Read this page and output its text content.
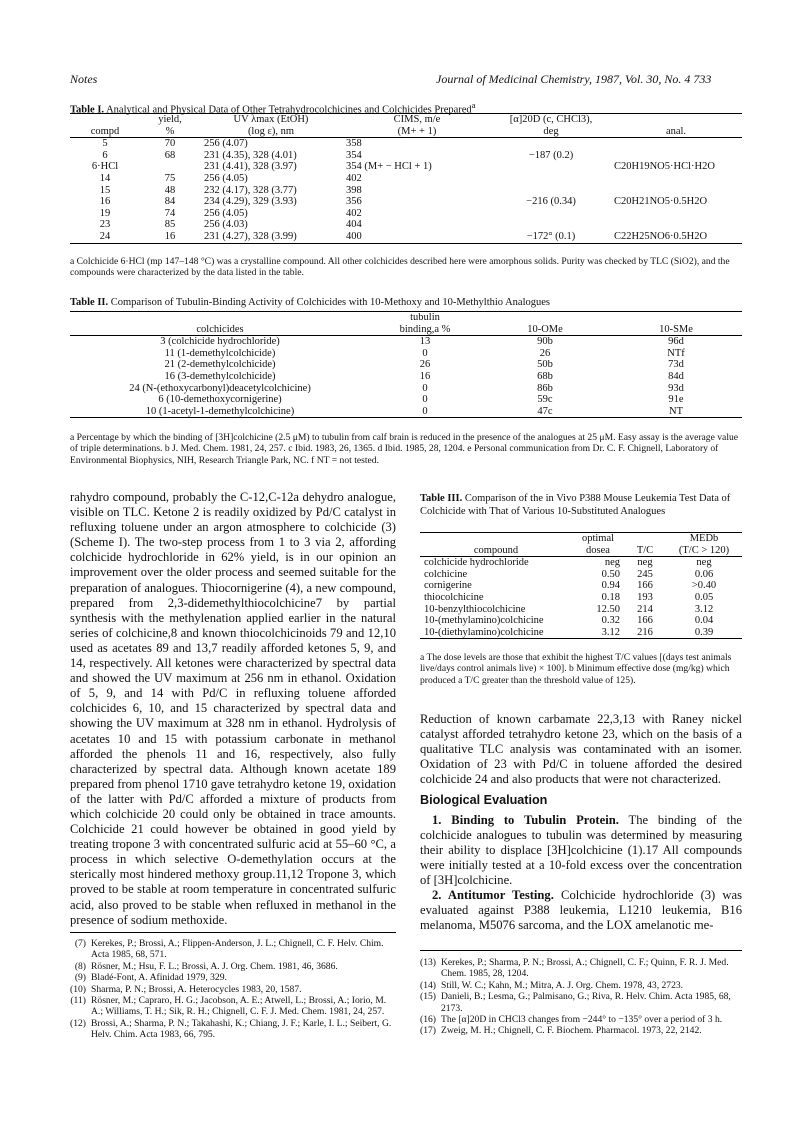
Notes	Journal of Medicinal Chemistry, 1987, Vol. 30, No. 4 733
Table I. Analytical and Physical Data of Other Tetrahydrocolchicines and Colchicides Prepared$^a$
	yield,	UV λmax (EtOH)	CIMS, m/e	[α]20D (c, CHCl3),	
compd	%	(log ε), nm	(M+ + 1)	deg	anal.
5	70	256 (4.07)	358		
6	68	231 (4.35), 328 (4.01)	354	−187 (0.2)	
6·HCl		231 (4.41), 328 (3.97)	354 (M+ − HCl + 1)		C20H19NO5·HCl·H2O
14	75	256 (4.05)	402		
15	48	232 (4.17), 328 (3.77)	398		
16	84	234 (4.29), 329 (3.93)	356	−216 (0.34)	C20H21NO5·0.5H2O
19	74	256 (4.05)	402		
23	85	256 (4.03)	404		
24	16	231 (4.27), 328 (3.99)	400	−172° (0.1)	C22H25NO6·0.5H2O
a Colchicide 6·HCl (mp 147–148 °C) was a crystalline compound. All other colchicides described here were amorphous solids. Purity was checked by TLC (SiO2), and the compounds were characterized by the data listed in the table.
Table II. Comparison of Tubulin-Binding Activity of Colchicides with 10-Methoxy and 10-Methylthio Analogues
	tubulin		
colchicides	binding,a %	10-OMe	10-SMe
3 (colchicide hydrochloride)	13	90b	96d
11 (1-demethylcolchicide)	0	26	NTf
21 (2-demethylcolchicide)	26	50b	73d
16 (3-demethylcolchicide)	16	68b	84d
24 (N-(ethoxycarbonyl)deacetylcolchicine)	0	86b	93d
6 (10-demethoxycornigerine)	0	59c	91e
10 (1-acetyl-1-demethylcolchicine)	0	47c	NT
a Percentage by which the binding of [3H]colchicine (2.5 μM) to tubulin from calf brain is reduced in the presence of the analogues at 25 μM. Easy assay is the average value of triple determinations. b J. Med. Chem. 1981, 24, 257. c Ibid. 1983, 26, 1365. d Ibid. 1985, 28, 1204. e Personal communication from Dr. C. F. Chignell, Laboratory of Environmental Biophysics, NIH, Research Triangle Park, NC. f NT = not tested.
rahydro compound, probably the C-12,C-12a dehydro analogue, visible on TLC. Ketone 2 is readily oxidized by Pd/C catalyst in refluxing toluene under an argon atmosphere to colchicide (3) (Scheme I). The two-step process from 1 to 3 via 2, affording colchicide hydrochloride in 62% yield, is in our opinion an improvement over the older process and seemed suitable for the preparation of analogues. Thiocornigerine (4), a new compound, prepared from 2,3-didemethylthiocolchicine7 by partial synthesis with the methylenation applied earlier in the natural series of colchicine,8 and known thiocolchicinoids 79 and 12,10 used as acetates 89 and 13,7 readily afforded ketones 5, 9, and 14, respectively. All ketones were characterized by spectral data and showed the UV maximum at 256 nm in ethanol. Oxidation of 5, 9, and 14 with Pd/C in refluxing toluene afforded colchicides 6, 10, and 15 characterized by spectral data and showing the UV maximum at 328 nm in ethanol. Hydrolysis of acetates 10 and 15 with potassium carbonate in methanol afforded the phenols 11 and 16, respectively, also fully characterized by spectral data. Although known acetate 189 prepared from phenol 1710 gave tetrahydro ketone 19, oxidation of the latter with Pd/C afforded a mixture of products from which colchicide 20 could only be obtained in trace amounts. Colchicide 21 could however be obtained in good yield by treating tropone 3 with concentrated sulfuric acid at 55–60 °C, a process in which selective O-demethylation occurs at the sterically most hindered methoxy group.11,12 Tropone 3, which proved to be stable at room temperature in concentrated sulfuric acid, also proved to be stable when refluxed in methanol in the presence of sodium methoxide.
Table III. Comparison of the in Vivo P388 Mouse Leukemia Test Data of Colchicide with That of Various 10-Substituted Analogues
	optimal		MEDb
compound	dosea	T/C	(T/C > 120)
colchicide hydrochloride	neg	neg	neg
colchicine	0.50	245	0.06
cornigerine	0.94	166	>0.40
thiocolchicine	0.18	193	0.05
10-benzylthiocolchicine	12.50	214	3.12
10-(methylamino)colchicine	0.32	166	0.04
10-(diethylamino)colchicine	3.12	216	0.39
a The dose levels are those that exhibit the highest T/C values [(days test animals live/days control animals live) × 100]. b Minimum effective dose (mg/kg) which produced a T/C greater than the threshold value of 125).
Reduction of known carbamate 22,3,13 with Raney nickel catalyst afforded tetrahydro ketone 23, which on the basis of a qualitative TLC analysis was contaminated with an isomer. Oxidation of 23 with Pd/C in toluene afforded the desired colchicide 24 and also products that were not characterized.
Biological Evaluation
1. Binding to Tubulin Protein. The binding of the colchicide analogues to tubulin was determined by measuring their ability to displace [3H]colchicine (1).17 All compounds were initially tested at a 10-fold excess over the concentration of [3H]colchicine.
2. Antitumor Testing. Colchicide hydrochloride (3) was evaluated against P388 leukemia, L1210 leukemia, B16 melanoma, M5076 sarcoma, and the LOX amelanotic me-
(7) Kerekes, P.; Brossi, A.; Flippen-Anderson, J. L.; Chignell, C. F. Helv. Chim. Acta 1985, 68, 571.
(8) Rösner, M.; Hsu, F. L.; Brossi, A. J. Org. Chem. 1981, 46, 3686.
(9) Bladé-Font, A. Afinidad 1979, 329.
(10) Sharma, P. N.; Brossi, A. Heterocycles 1983, 20, 1587.
(11) Rösner, M.; Capraro, H. G.; Jacobson, A. E.; Atwell, L.; Brossi, A.; Iorio, M. A.; Williams, T. H.; Sik, R. H.; Chignell, C. F. J. Med. Chem. 1981, 24, 257.
(12) Brossi, A.; Sharma, P. N.; Takahashi, K.; Chiang, J. F.; Karle, I. L.; Seibert, G. Helv. Chim. Acta 1983, 66, 795.
(13) Kerekes, P.; Sharma, P. N.; Brossi, A.; Chignell, C. F.; Quinn, F. R. J. Med. Chem. 1985, 28, 1204.
(14) Still, W. C.; Kahn, M.; Mitra, A. J. Org. Chem. 1978, 43, 2723.
(15) Danieli, B.; Lesma, G.; Palmisano, G.; Riva, R. Helv. Chim. Acta 1985, 68, 2173.
(16) The [α]20D in CHCl3 changes from −244° to −135° over a period of 3 h.
(17) Zweig, M. H.; Chignell, C. F. Biochem. Pharmacol. 1973, 22, 2142.
